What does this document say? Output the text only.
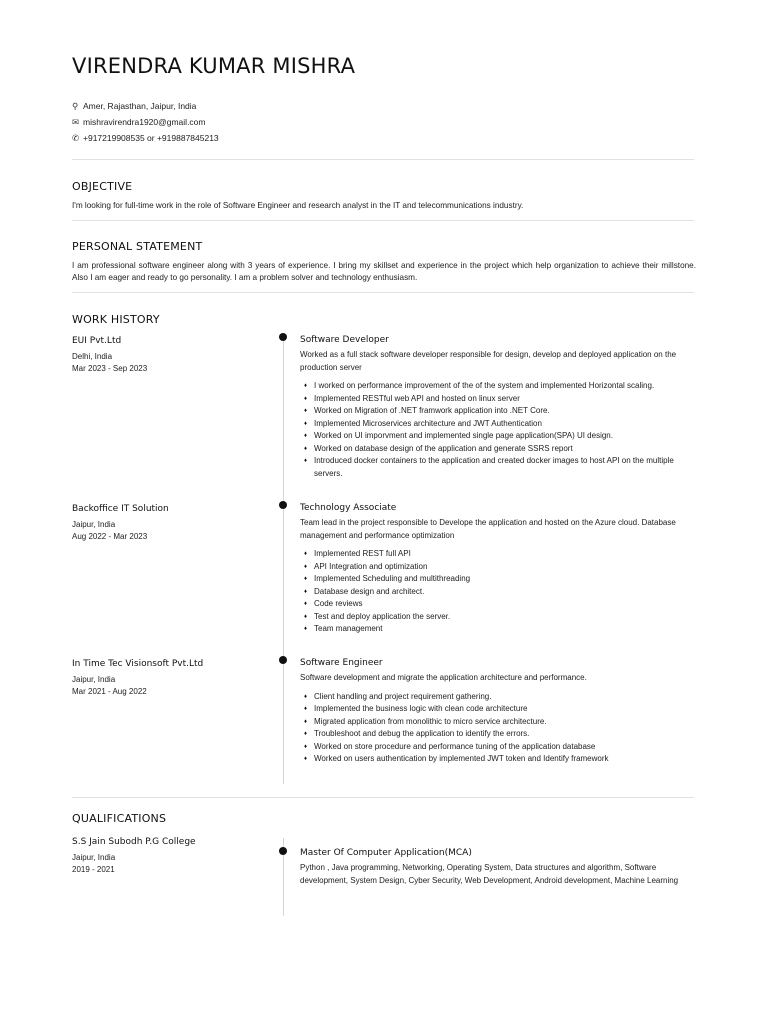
VIRENDRA KUMAR MISHRA
⚲ Amer, Rajasthan, Jaipur, India
✉ mishravirendra1920@gmail.com
✆ +917219908535 or +919887845213
OBJECTIVE
I'm looking for full-time work in the role of Software Engineer and research analyst in the IT and telecommunications industry.
PERSONAL STATEMENT
I am professional software engineer along with 3 years of experience. I bring my skillset and experience in the project which help organization to achieve their millstone. Also I am eager and ready to go personality. I am a problem solver and technology enthusiasm.
WORK HISTORY
EUI Pvt.Ltd
Delhi, India
Mar 2023 - Sep 2023
Software Developer
Worked as a full stack software developer responsible for design, develop and deployed application on the production server
♦ I worked on performance improvement of the of the system and implemented Horizontal scaling.
♦ Implemented RESTful web API and hosted on linux server
♦ Worked on Migration of .NET framwork application into .NET Core.
♦ Implemented Microservices architecture and JWT Authentication
♦ Worked on UI imporvment and implemented single page application(SPA) UI design.
♦ Worked on database design of the application and generate SSRS report
♦ Introduced docker containers to the application and created docker images to host API on the multiple servers.
Backoffice IT Solution
Jaipur, India
Aug 2022 - Mar 2023
Technology Associate
Team lead in the project responsible to Develope the application and hosted on the Azure cloud. Database management and performance optimization
♦ Implemented REST full API
♦ API Integration and optimization
♦ Implemented Scheduling and multithreading
♦ Database design and architect.
♦ Code reviews
♦ Test and deploy application the server.
♦ Team management
In Time Tec Visionsoft Pvt.Ltd
Jaipur, India
Mar 2021 - Aug 2022
Software Engineer
Software development and migrate the application architecture and performance.
♦ Client handling and project requirement gathering.
♦ Implemented the business logic with clean code architecture
♦ Migrated application from monolithic to micro service architecture.
♦ Troubleshoot and debug the application to identify the errors.
♦ Worked on store procedure and performance tuning of the application database
♦ Worked on users authentication by implemented JWT token and Identify framework
QUALIFICATIONS
S.S Jain Subodh P.G College
Jaipur, India
2019 - 2021
Master Of Computer Application(MCA)
Python , Java programming, Networking, Operating System, Data structures and algorithm, Software development, System Design, Cyber Security, Web Development, Android development, Machine Learning
